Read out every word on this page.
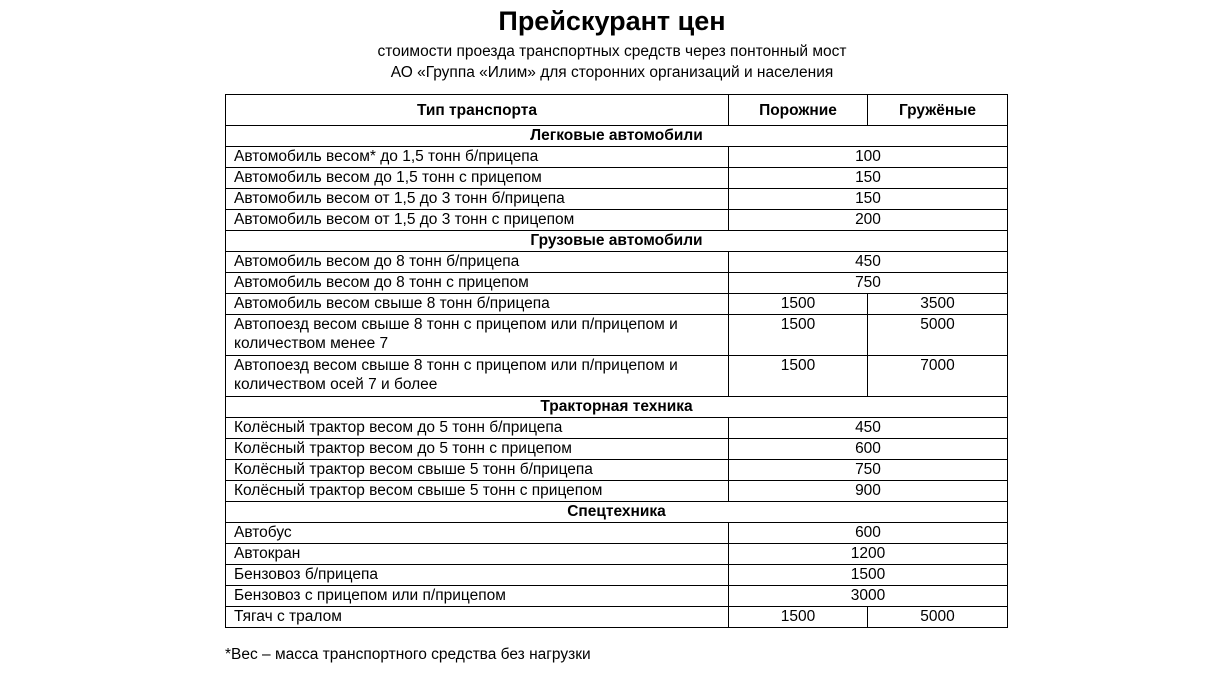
Прейскурант цен
стоимости проезда транспортных средств через понтонный мост
АО «Группа «Илим» для сторонних организаций и населения
Тип транспорта	Порожние	Гружёные
Легковые автомобили		
Автомобиль весом* до 1,5 тонн б/прицепа	100	
Автомобиль весом до 1,5 тонн с прицепом	150	
Автомобиль весом от 1,5 до 3 тонн б/прицепа	150	
Автомобиль весом от 1,5 до 3 тонн с прицепом	200	
Грузовые автомобили		
Автомобиль весом до 8 тонн б/прицепа	450	
Автомобиль весом до 8 тонн с прицепом	750	
Автомобиль весом свыше 8 тонн б/прицепа	1500	3500
Автопоезд весом свыше 8 тонн с прицепом или п/прицепом и количеством менее 7	1500	5000
Автопоезд весом свыше 8 тонн с прицепом или п/прицепом и количеством осей 7 и более	1500	7000
Тракторная техника		
Колёсный трактор весом до 5 тонн б/прицепа	450	
Колёсный трактор весом до 5 тонн с прицепом	600	
Колёсный трактор весом свыше 5 тонн б/прицепа	750	
Колёсный трактор весом свыше 5 тонн с прицепом	900	
Спецтехника		
Автобус	600	
Автокран	1200	
Бензовоз б/прицепа	1500	
Бензовоз с прицепом или п/прицепом	3000	
Тягач с тралом	1500	5000
*Вес – масса транспортного средства без нагрузки
